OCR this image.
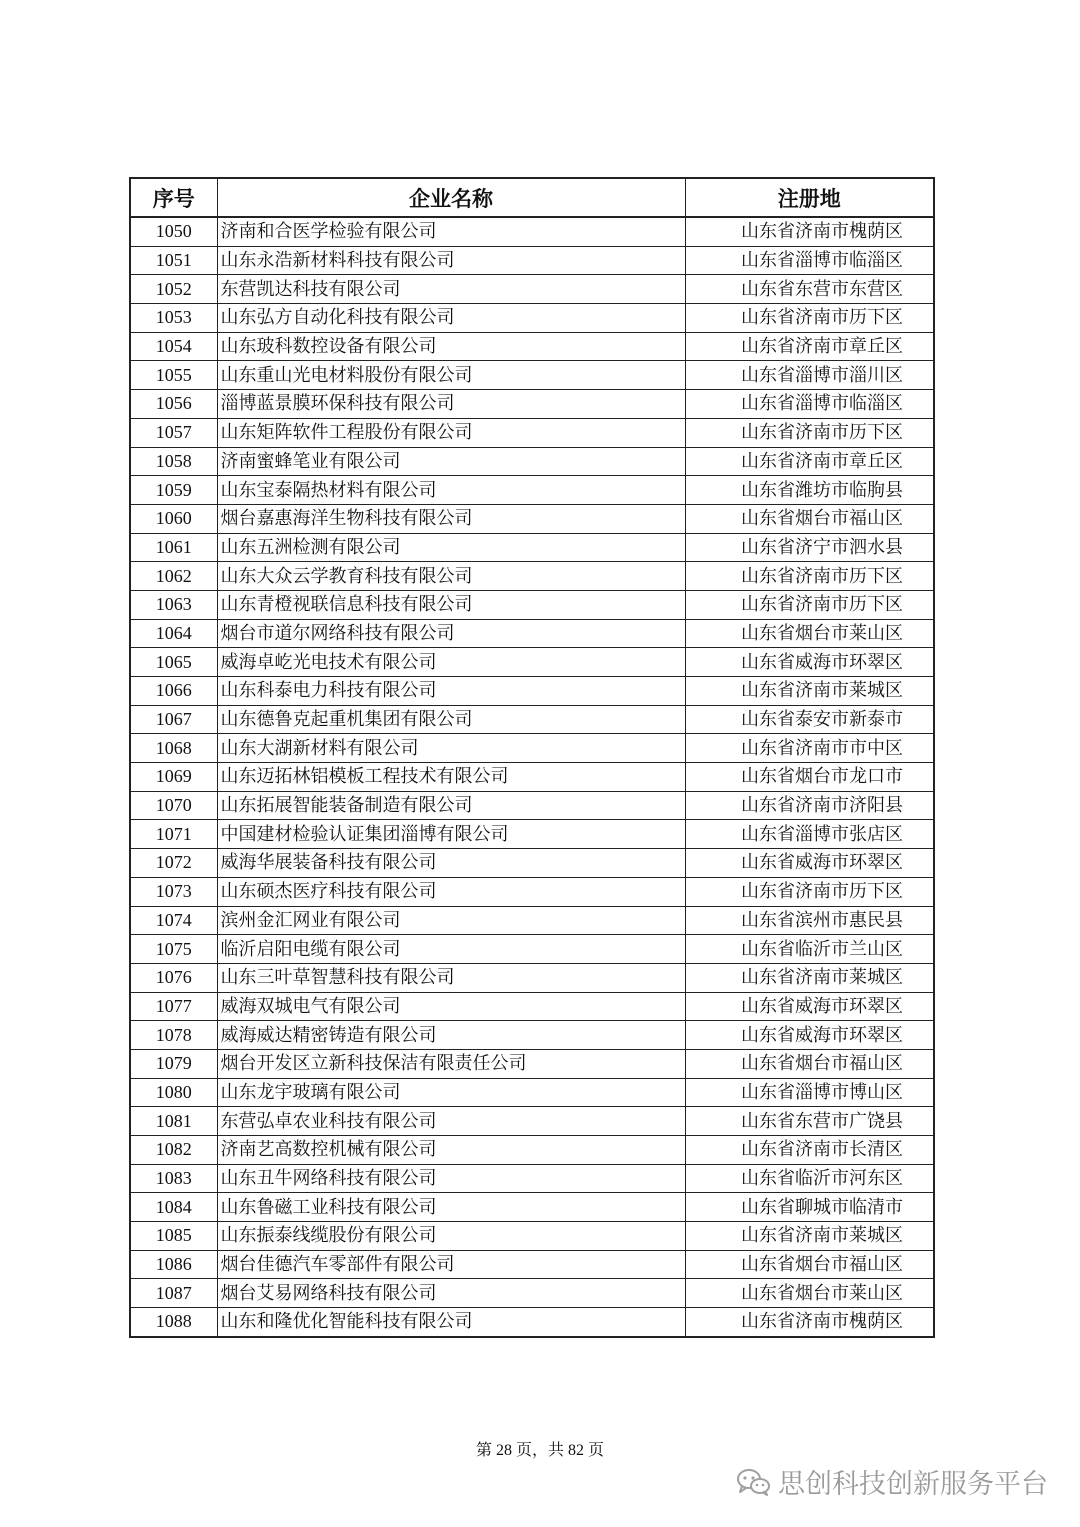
序号	企业名称	注册地
1050	济南和合医学检验有限公司	山东省济南市槐荫区
1051	山东永浩新材料科技有限公司	山东省淄博市临淄区
1052	东营凯达科技有限公司	山东省东营市东营区
1053	山东弘方自动化科技有限公司	山东省济南市历下区
1054	山东玻科数控设备有限公司	山东省济南市章丘区
1055	山东重山光电材料股份有限公司	山东省淄博市淄川区
1056	淄博蓝景膜环保科技有限公司	山东省淄博市临淄区
1057	山东矩阵软件工程股份有限公司	山东省济南市历下区
1058	济南蜜蜂笔业有限公司	山东省济南市章丘区
1059	山东宝泰隔热材料有限公司	山东省潍坊市临朐县
1060	烟台嘉惠海洋生物科技有限公司	山东省烟台市福山区
1061	山东五洲检测有限公司	山东省济宁市泗水县
1062	山东大众云学教育科技有限公司	山东省济南市历下区
1063	山东青橙视联信息科技有限公司	山东省济南市历下区
1064	烟台市道尔网络科技有限公司	山东省烟台市莱山区
1065	威海卓屹光电技术有限公司	山东省威海市环翠区
1066	山东科泰电力科技有限公司	山东省济南市莱城区
1067	山东德鲁克起重机集团有限公司	山东省泰安市新泰市
1068	山东大湖新材料有限公司	山东省济南市市中区
1069	山东迈拓林铝模板工程技术有限公司	山东省烟台市龙口市
1070	山东拓展智能装备制造有限公司	山东省济南市济阳县
1071	中国建材检验认证集团淄博有限公司	山东省淄博市张店区
1072	威海华展装备科技有限公司	山东省威海市环翠区
1073	山东硕杰医疗科技有限公司	山东省济南市历下区
1074	滨州金汇网业有限公司	山东省滨州市惠民县
1075	临沂启阳电缆有限公司	山东省临沂市兰山区
1076	山东三叶草智慧科技有限公司	山东省济南市莱城区
1077	威海双城电气有限公司	山东省威海市环翠区
1078	威海威达精密铸造有限公司	山东省威海市环翠区
1079	烟台开发区立新科技保洁有限责任公司	山东省烟台市福山区
1080	山东龙宇玻璃有限公司	山东省淄博市博山区
1081	东营弘卓农业科技有限公司	山东省东营市广饶县
1082	济南艺高数控机械有限公司	山东省济南市长清区
1083	山东丑牛网络科技有限公司	山东省临沂市河东区
1084	山东鲁磁工业科技有限公司	山东省聊城市临清市
1085	山东振泰线缆股份有限公司	山东省济南市莱城区
1086	烟台佳德汽车零部件有限公司	山东省烟台市福山区
1087	烟台艾易网络科技有限公司	山东省烟台市莱山区
1088	山东和隆优化智能科技有限公司	山东省济南市槐荫区
第 28 页，共 82 页
思创科技创新服务平台
